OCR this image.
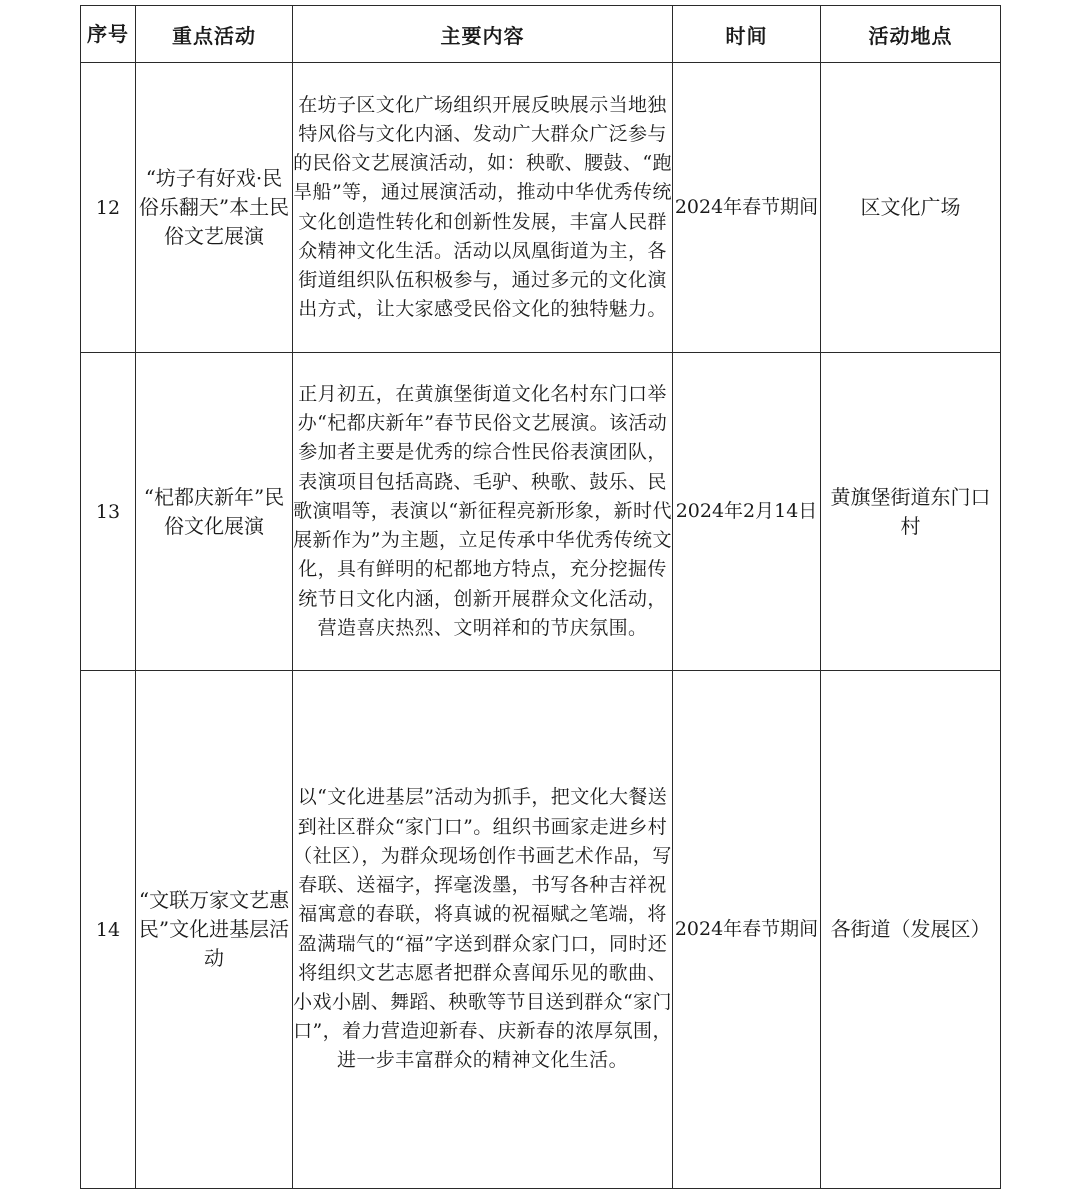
序号	重点活动	主要内容	时间	活动地点
12	“坊子有好戏·民俗乐翻天”本土民俗文艺展演	在坊子区文化广场组织开展反映展示当地独特风俗与文化内涵、发动广大群众广泛参与的民俗文艺展演活动，如：秧歌、腰鼓、“跑旱船”等，通过展演活动，推动中华优秀传统文化创造性转化和创新性发展，丰富人民群众精神文化生活。活动以凤凰街道为主，各街道组织队伍积极参与，通过多元的文化演出方式，让大家感受民俗文化的独特魅力。	2024年春节期间	区文化广场
13	“杞都庆新年”民俗文化展演	正月初五，在黄旗堡街道文化名村东门口举办“杞都庆新年”春节民俗文艺展演。该活动参加者主要是优秀的综合性民俗表演团队，表演项目包括高跷、毛驴、秧歌、鼓乐、民歌演唱等，表演以“新征程亮新形象，新时代展新作为”为主题，立足传承中华优秀传统文化，具有鲜明的杞都地方特点，充分挖掘传统节日文化内涵，创新开展群众文化活动，营造喜庆热烈、文明祥和的节庆氛围。	2024年2月14日	黄旗堡街道东门口村
14	“文联万家文艺惠民”文化进基层活动	以“文化进基层”活动为抓手，把文化大餐送到社区群众“家门口”。组织书画家走进乡村（社区），为群众现场创作书画艺术作品，写春联、送福字，挥毫泼墨，书写各种吉祥祝福寓意的春联，将真诚的祝福赋之笔端，将盈满瑞气的“福”字送到群众家门口，同时还将组织文艺志愿者把群众喜闻乐见的歌曲、小戏小剧、舞蹈、秧歌等节目送到群众“家门口”，着力营造迎新春、庆新春的浓厚氛围，进一步丰富群众的精神文化生活。	2024年春节期间	各街道（发展区）
